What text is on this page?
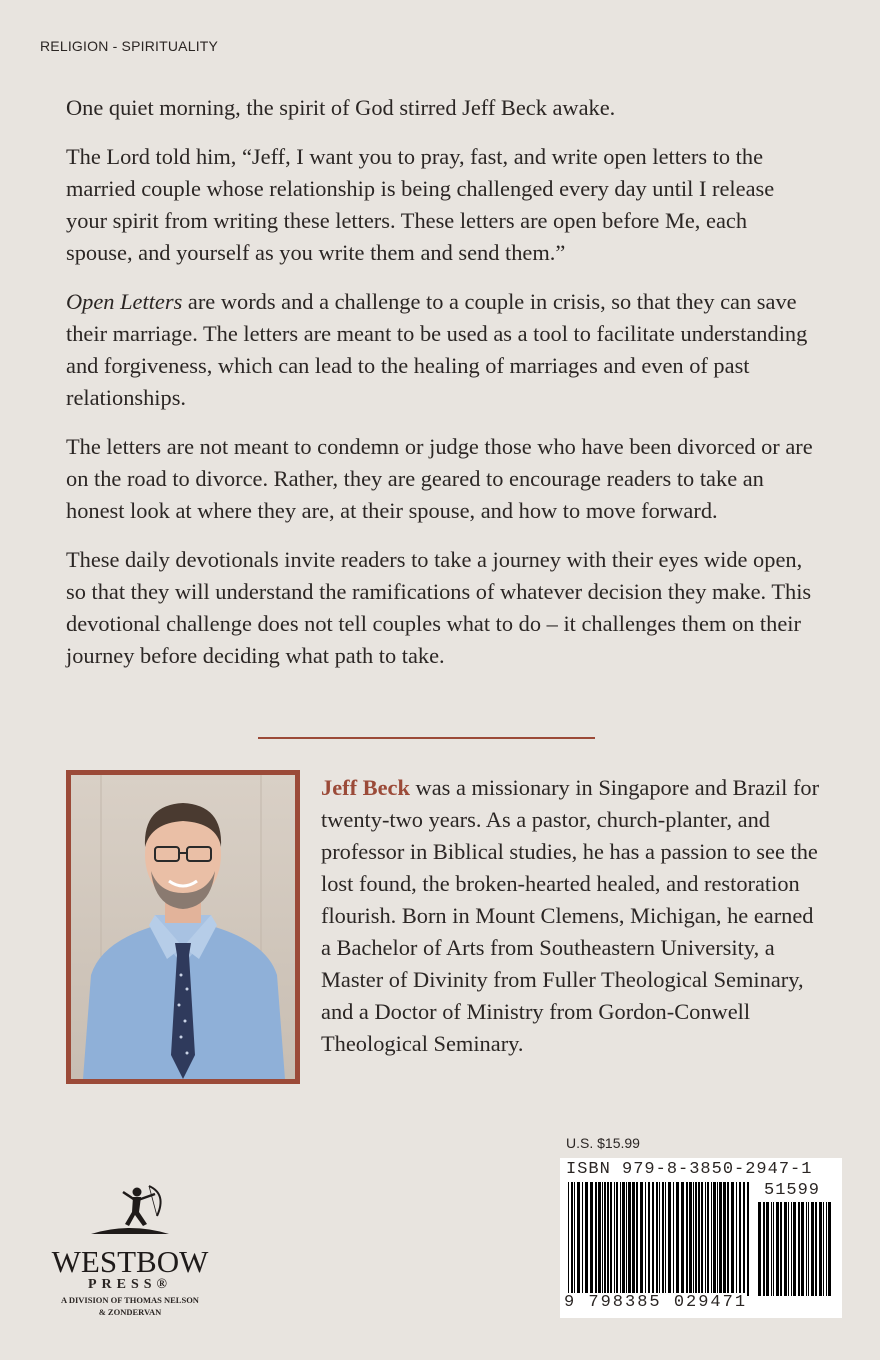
RELIGION - SPIRITUALITY

One quiet morning, the spirit of God stirred Jeff Beck awake.

The Lord told him, “Jeff, I want you to pray, fast, and write open letters to the married couple whose relationship is being challenged every day until I release your spirit from writing these letters. These letters are open before Me, each spouse, and yourself as you write them and send them.”

Open Letters are words and a challenge to a couple in crisis, so that they can save their marriage. The letters are meant to be used as a tool to facilitate understanding and forgiveness, which can lead to the healing of marriages and even of past relationships.

The letters are not meant to condemn or judge those who have been divorced or are on the road to divorce. Rather, they are geared to encourage readers to take an honest look at where they are, at their spouse, and how to move forward.

These daily devotionals invite readers to take a journey with their eyes wide open, so that they will understand the ramifications of whatever decision they make. This devotional challenge does not tell couples what to do – it challenges them on their journey before deciding what path to take.

Jeff Beck was a missionary in Singapore and Brazil for twenty-two years. As a pastor, church-planter, and professor in Biblical studies, he has a passion to see the lost found, the broken-hearted healed, and restoration flourish. Born in Mount Clemens, Michigan, he earned a Bachelor of Arts from Southeastern University, a Master of Divinity from Fuller Theological Seminary, and a Doctor of Ministry from Gordon-Conwell Theological Seminary.
U.S. $15.99
ISBN 979-8-3850-2947-1
51599
9 798385 029471
WESTBOW
PRESS®
A DIVISION OF THOMAS NELSON
& ZONDERVAN
